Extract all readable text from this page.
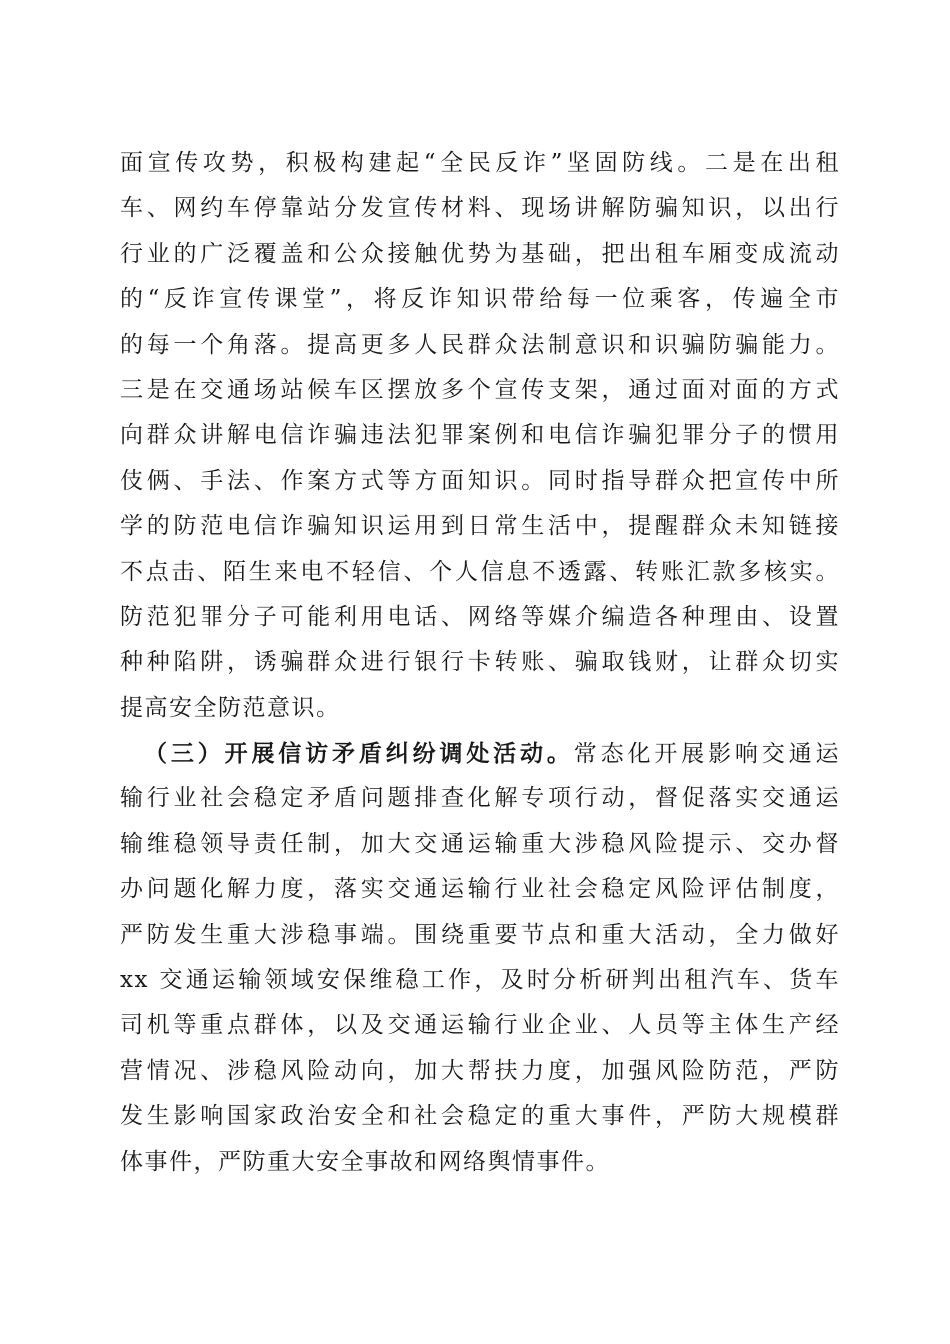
面宣传攻势，积极构建起“全民反诈”坚固防线。二是在出租
车、网约车停靠站分发宣传材料、现场讲解防骗知识，以出行
行业的广泛覆盖和公众接触优势为基础，把出租车厢变成流动
的“反诈宣传课堂”，将反诈知识带给每一位乘客，传遍全市
的每一个角落。提高更多人民群众法制意识和识骗防骗能力。
三是在交通场站候车区摆放多个宣传支架，通过面对面的方式
向群众讲解电信诈骗违法犯罪案例和电信诈骗犯罪分子的惯用
伎俩、手法、作案方式等方面知识。同时指导群众把宣传中所
学的防范电信诈骗知识运用到日常生活中，提醒群众未知链接
不点击、陌生来电不轻信、个人信息不透露、转账汇款多核实。
防范犯罪分子可能利用电话、网络等媒介编造各种理由、设置
种种陷阱，诱骗群众进行银行卡转账、骗取钱财，让群众切实
提高安全防范意识。
（三）开展信访矛盾纠纷调处活动。常态化开展影响交通运
输行业社会稳定矛盾问题排查化解专项行动，督促落实交通运
输维稳领导责任制，加大交通运输重大涉稳风险提示、交办督
办问题化解力度，落实交通运输行业社会稳定风险评估制度，
严防发生重大涉稳事端。围绕重要节点和重大活动，全力做好
xx 交通运输领域安保维稳工作，及时分析研判出租汽车、货车
司机等重点群体，以及交通运输行业企业、人员等主体生产经
营情况、涉稳风险动向，加大帮扶力度，加强风险防范，严防
发生影响国家政治安全和社会稳定的重大事件，严防大规模群
体事件，严防重大安全事故和网络舆情事件。
